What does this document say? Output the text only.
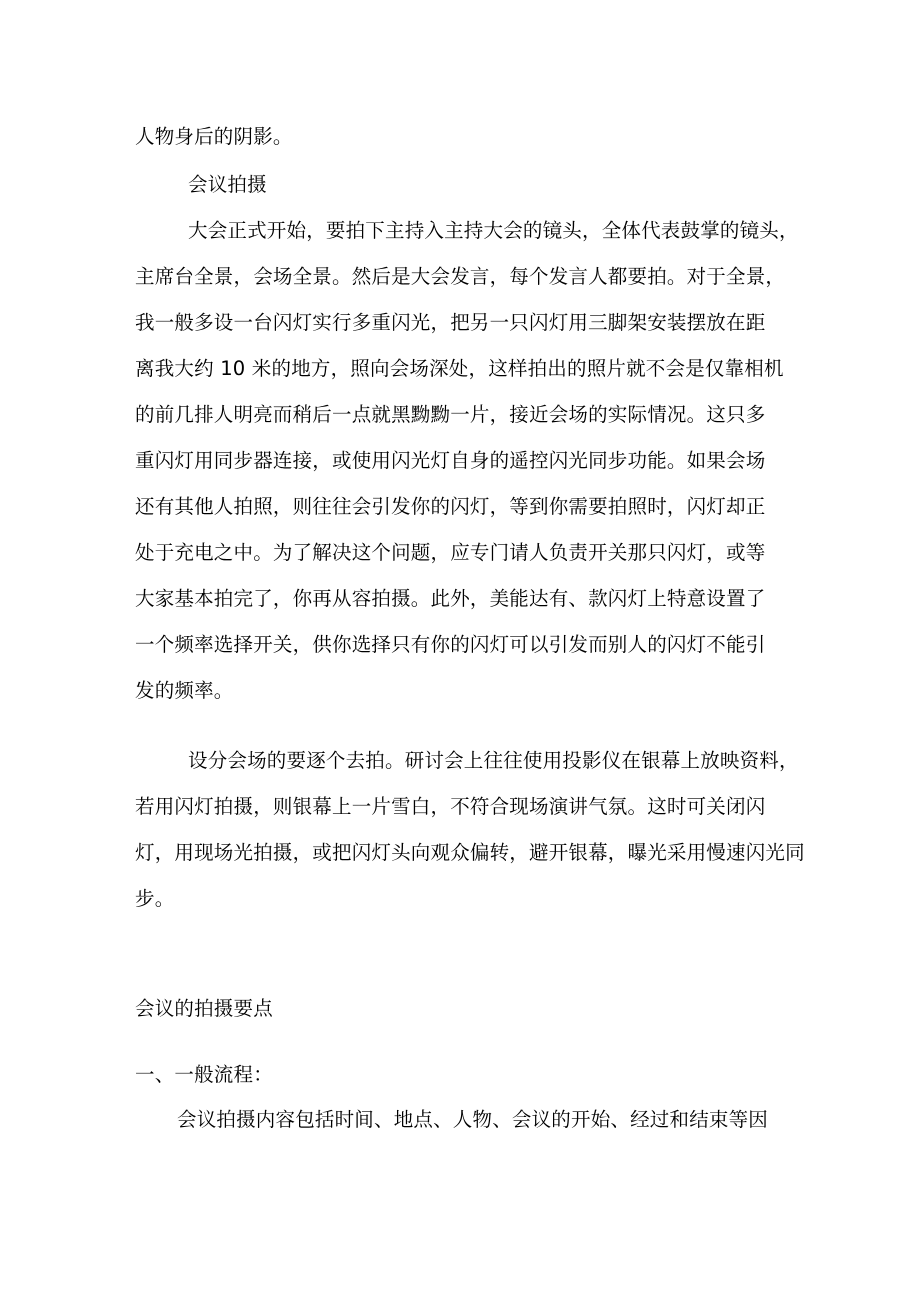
人物身后的阴影。
会议拍摄
大会正式开始，要拍下主持入主持大会的镜头，全体代表鼓掌的镜头，
主席台全景，会场全景。然后是大会发言，每个发言人都要拍。对于全景，
我一般多设一台闪灯实行多重闪光，把另一只闪灯用三脚架安装摆放在距
离我大约 10 米的地方，照向会场深处，这样拍出的照片就不会是仅靠相机
的前几排人明亮而稍后一点就黑黝黝一片，接近会场的实际情况。这只多
重闪灯用同步器连接，或使用闪光灯自身的遥控闪光同步功能。如果会场
还有其他人拍照，则往往会引发你的闪灯，等到你需要拍照时，闪灯却正
处于充电之中。为了解决这个问题，应专门请人负责开关那只闪灯，或等
大家基本拍完了，你再从容拍摄。此外，美能达有、款闪灯上特意设置了
一个频率选择开关，供你选择只有你的闪灯可以引发而别人的闪灯不能引
发的频率。
设分会场的要逐个去拍。研讨会上往往使用投影仪在银幕上放映资料，
若用闪灯拍摄，则银幕上一片雪白，不符合现场演讲气氛。这时可关闭闪
灯，用现场光拍摄，或把闪灯头向观众偏转，避开银幕，曝光采用慢速闪光同
步。
会议的拍摄要点
一、一般流程：
会议拍摄内容包括时间、地点、人物、会议的开始、经过和结束等因
